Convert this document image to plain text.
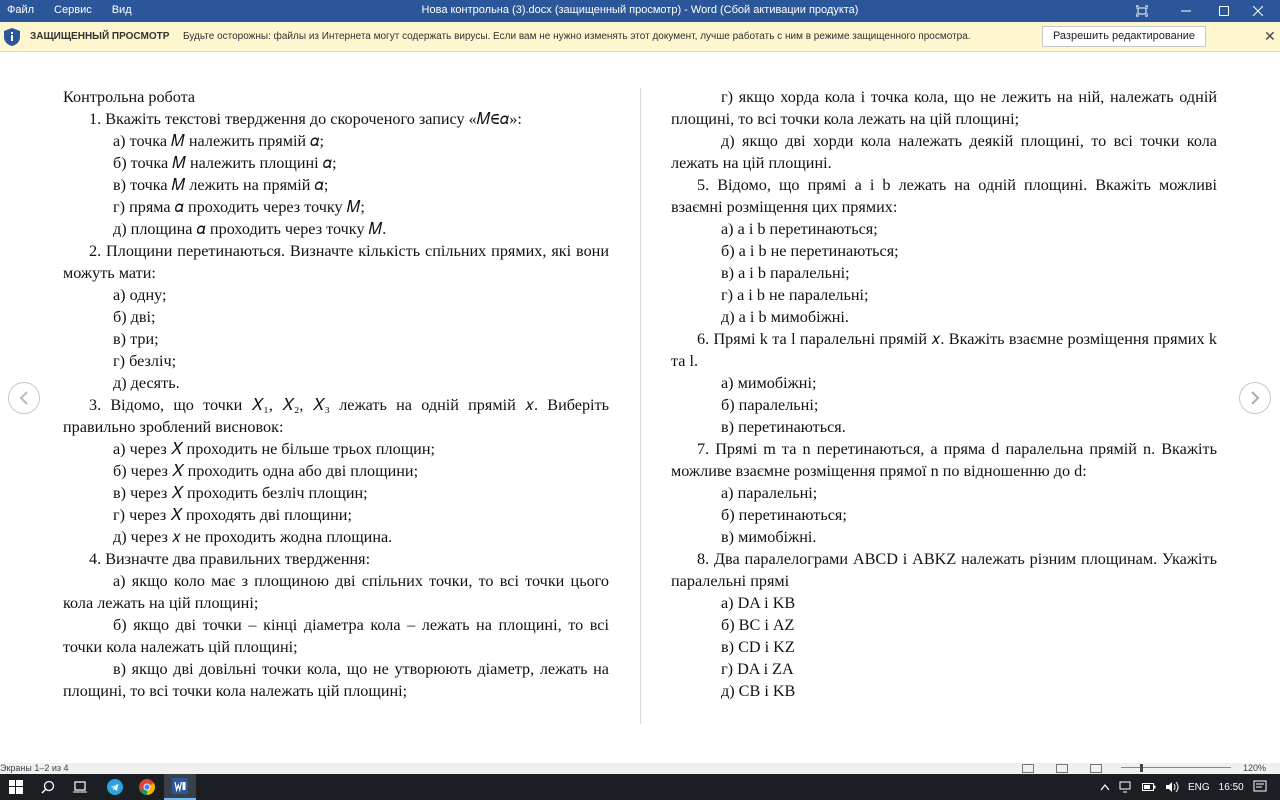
Файл	Сервис	Вид	Нова контрольна (3).docx (защищенный просмотр) - Word (Сбой активации продукта)
ЗАЩИЩЕННЫЙ ПРОСМОТР Будьте осторожны: файлы из Интернета могут содержать вирусы. Если вам не нужно изменять этот документ, лучше работать с ним в режиме защищенного просмотра.	Разрешить редактирование	✕

Контрольна робота

1. Вкажіть текстові твердження до скороченого запису «𝑀∈𝛼»:

а) точка 𝑀 належить прямій 𝛼;

б) точка 𝑀 належить площині 𝛼;

в) точка 𝑀 лежить на прямій 𝛼;

г) пряма 𝛼 проходить через точку 𝑀;

д) площина 𝛼 проходить через точку 𝑀.

2. Площини перетинаються. Визначте кількість спільних прямих, які вони можуть мати:

а) одну;

б) дві;

в) три;

г) безліч;

д) десять.

3. Відомо, що точки 𝑋₁, 𝑋₂, 𝑋₃ лежать на одній прямій 𝑥. Виберіть правильно зроблений висновок:

а) через 𝑋 проходить не більше трьох площин;

б) через 𝑋 проходить одна або дві площини;

в) через 𝑋 проходить безліч площин;

г) через 𝑋 проходять дві площини;

д) через 𝑥 не проходить жодна площина.

4. Визначте два правильних твердження:

а) якщо коло має з площиною дві спільних точки, то всі точки цього кола лежать на цій площині;

б) якщо дві точки – кінці діаметра кола – лежать на площині, то всі точки кола належать цій площині;

в) якщо дві довільні точки кола, що не утворюють діаметр, лежать на площині, то всі точки кола належать цій площині;

г) якщо хорда кола і точка кола, що не лежить на ній, належать одній площині, то всі точки кола лежать на цій площині;

д) якщо дві хорди кола належать деякій площині, то всі точки кола лежать на цій площині.

5. Відомо, що прямі a і b лежать на одній площині. Вкажіть можливі взаємні розміщення цих прямих:

а) a і b перетинаються;

б) a і b не перетинаються;

в) a і b паралельні;

г) a і b не паралельні;

д) a і b мимобіжні.

6. Прямі k та l паралельні прямій 𝑥. Вкажіть взаємне розміщення прямих k та l.

а) мимобіжні;

б) паралельні;

в) перетинаються.

7. Прямі m та n перетинаються, а пряма d паралельна прямій n. Вкажіть можливе взаємне розміщення прямої n по відношенню до d:

а) паралельні;

б) перетинаються;

в) мимобіжні.

8. Два паралелограми ABCD і ABKZ належать різним площинам. Укажіть паралельні прямі

а) DA і KB

б) BC і AZ

в) CD і KZ

г) DA і ZA

д) CB і KB

Экраны 1–2 из 4	120%
ENG 16:50
